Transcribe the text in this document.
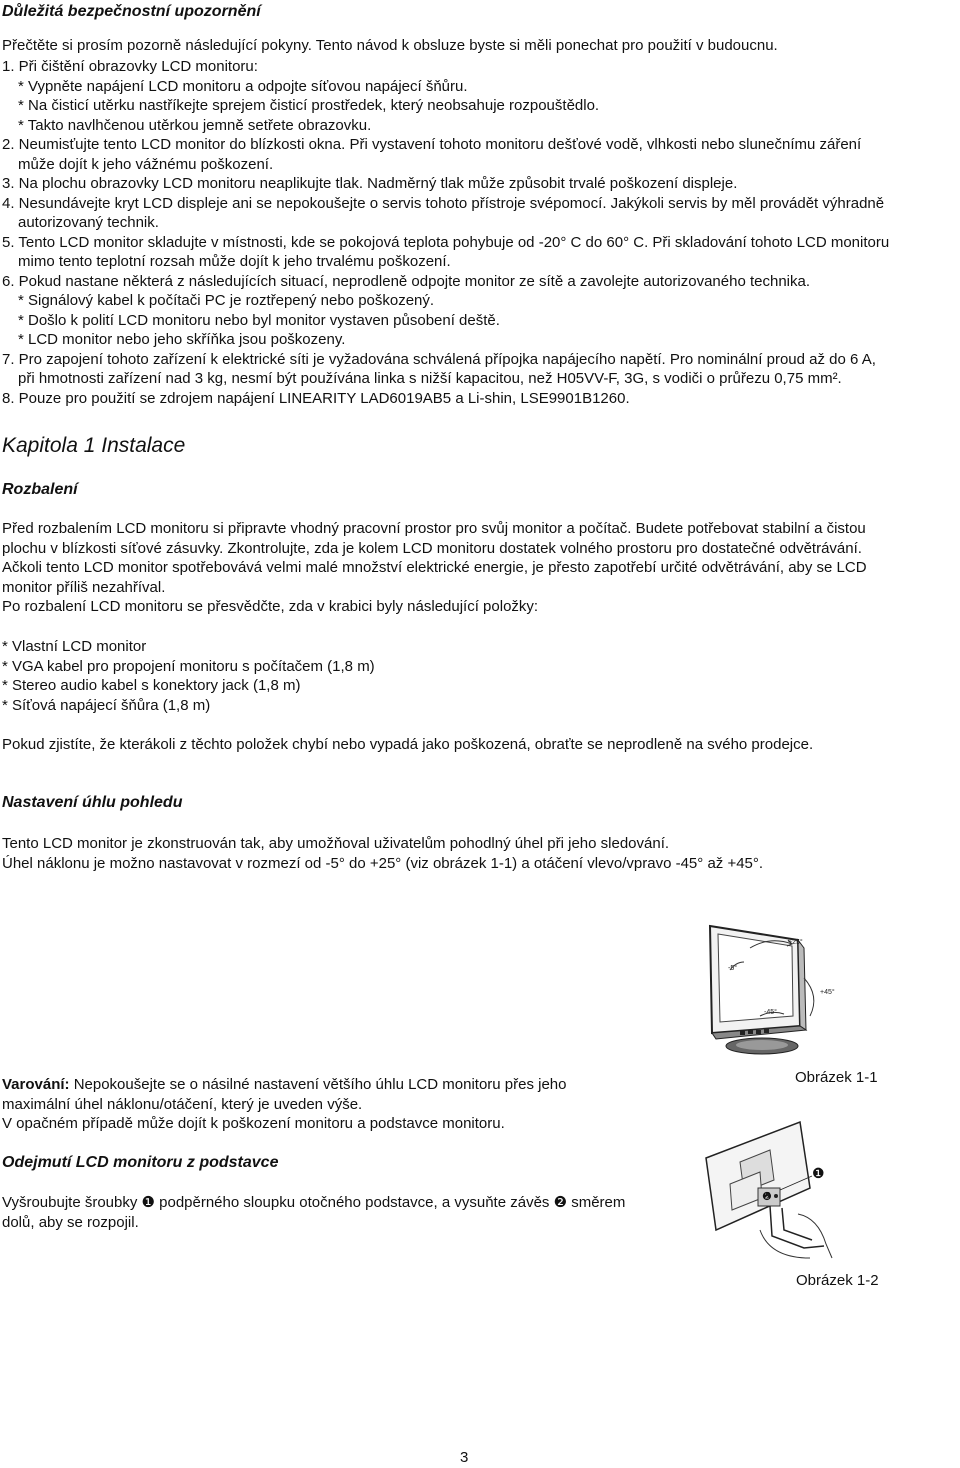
Důležitá bezpečnostní upozornění
Přečtěte si prosím pozorně následující pokyny. Tento návod k obsluze byste si měli ponechat pro použití v budoucnu.
1. Při čištění obrazovky LCD monitoru:
* Vypněte napájení LCD monitoru a odpojte síťovou napájecí šňůru.
* Na čisticí utěrku nastříkejte sprejem čisticí prostředek, který neobsahuje rozpouštědlo.
* Takto navlhčenou utěrkou jemně setřete obrazovku.
2. Neumisťujte tento LCD monitor do blízkosti okna. Při vystavení tohoto monitoru dešťové vodě, vlhkosti nebo slunečnímu záření
může dojít k jeho vážnému poškození.
3. Na plochu obrazovky LCD monitoru neaplikujte tlak. Nadměrný tlak může způsobit trvalé poškození displeje.
4. Nesundávejte kryt LCD displeje ani se nepokoušejte o servis tohoto přístroje svépomocí. Jakýkoli servis by měl provádět výhradně
autorizovaný technik.
5. Tento LCD monitor skladujte v místnosti, kde se pokojová teplota pohybuje od -20° C do 60° C. Při skladování tohoto LCD monitoru
mimo tento teplotní rozsah může dojít k jeho trvalému poškození.
6. Pokud nastane některá z následujících situací, neprodleně odpojte monitor ze sítě a zavolejte autorizovaného technika.
* Signálový kabel k počítači PC je roztřepený nebo poškozený.
* Došlo k polití LCD monitoru nebo byl monitor vystaven působení deště.
* LCD monitor nebo jeho skříňka jsou poškozeny.
7. Pro zapojení tohoto zařízení k elektrické síti je vyžadována schválená přípojka napájecího napětí. Pro nominální proud až do 6 A,
při hmotnosti zařízení nad 3 kg, nesmí být používána linka s nižší kapacitou, než H05VV-F, 3G, s vodiči o průřezu 0,75 mm².
8. Pouze pro použití se zdrojem napájení LINEARITY LAD6019AB5 a Li-shin, LSE9901B1260.
Kapitola 1 Instalace
Rozbalení
Před rozbalením LCD monitoru si připravte vhodný pracovní prostor pro svůj monitor a počítač. Budete potřebovat stabilní a čistou
plochu v blízkosti síťové zásuvky. Zkontrolujte, zda je kolem LCD monitoru dostatek volného prostoru pro dostatečné odvětrávání.
Ačkoli tento LCD monitor spotřebovává velmi malé množství elektrické energie, je přesto zapotřebí určité odvětrávání, aby se LCD
monitor příliš nezahříval.
Po rozbalení LCD monitoru se přesvědčte, zda v krabici byly následující položky:
* Vlastní LCD monitor
* VGA kabel pro propojení monitoru s počítačem (1,8 m)
* Stereo audio kabel s konektory jack (1,8 m)
* Síťová napájecí šňůra (1,8 m)
Pokud zjistíte, že kterákoli z těchto položek chybí nebo vypadá jako poškozená, obraťte se neprodleně na svého prodejce.
Nastavení úhlu pohledu
Tento LCD monitor je zkonstruován tak, aby umožňoval uživatelům pohodlný úhel při jeho sledování.
Úhel náklonu je možno nastavovat v rozmezí od -5° do +25° (viz obrázek 1-1) a otáčení vlevo/vpravo -45° až +45°.
+25°
-5°
+45°
-45°
Obrázek 1-1
Varování: Nepokoušejte se o násilné nastavení většího úhlu LCD monitoru přes jeho
maximální úhel náklonu/otáčení, který je uveden výše.
V opačném případě může dojít k poškození monitoru a podstavce monitoru.
Odejmutí LCD monitoru z podstavce
Vyšroubujte šroubky ❶ podpěrného sloupku otočného podstavce, a vysuňte závěs ❷ směrem
dolů, aby se rozpojil.
❶
❷
Obrázek 1-2
3
